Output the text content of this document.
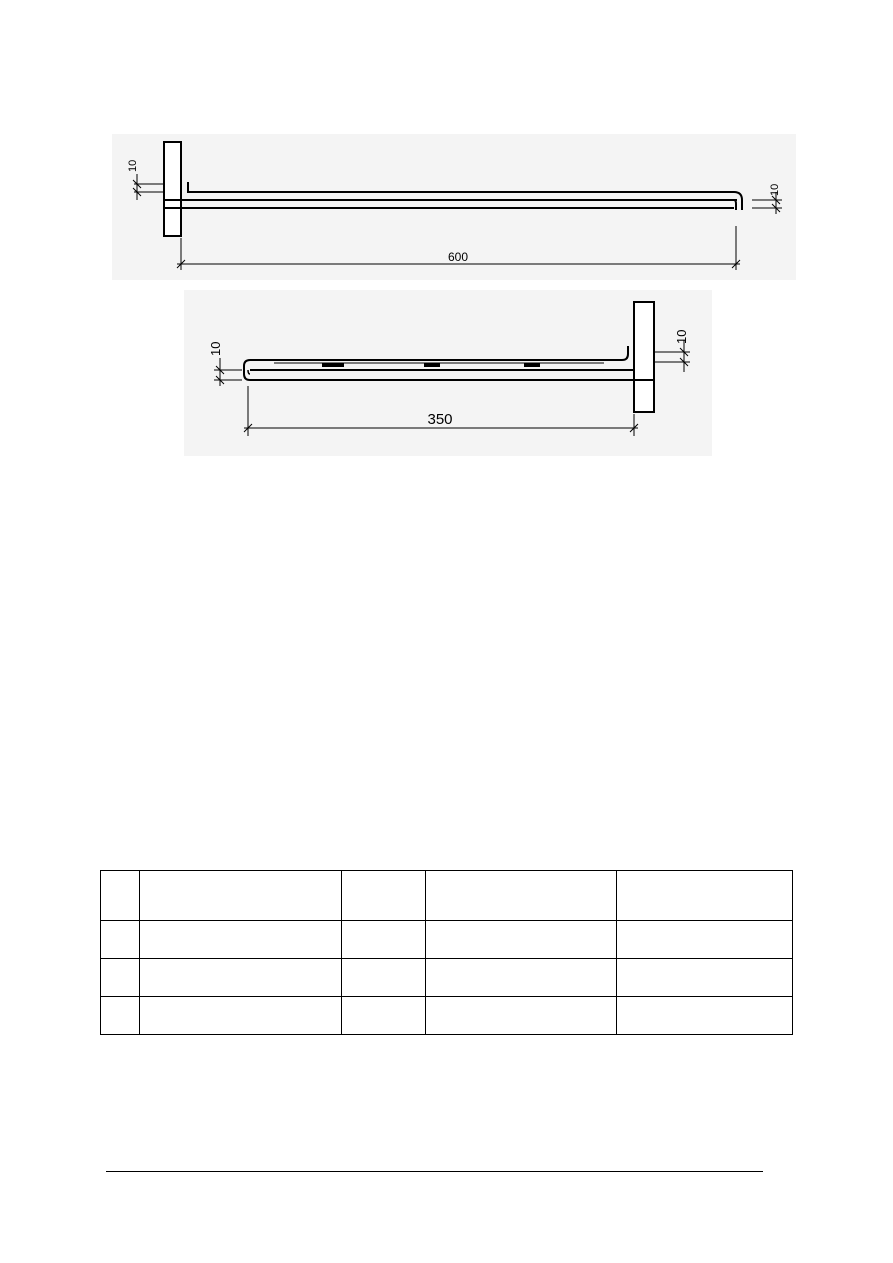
10
10
600
10
10
350
